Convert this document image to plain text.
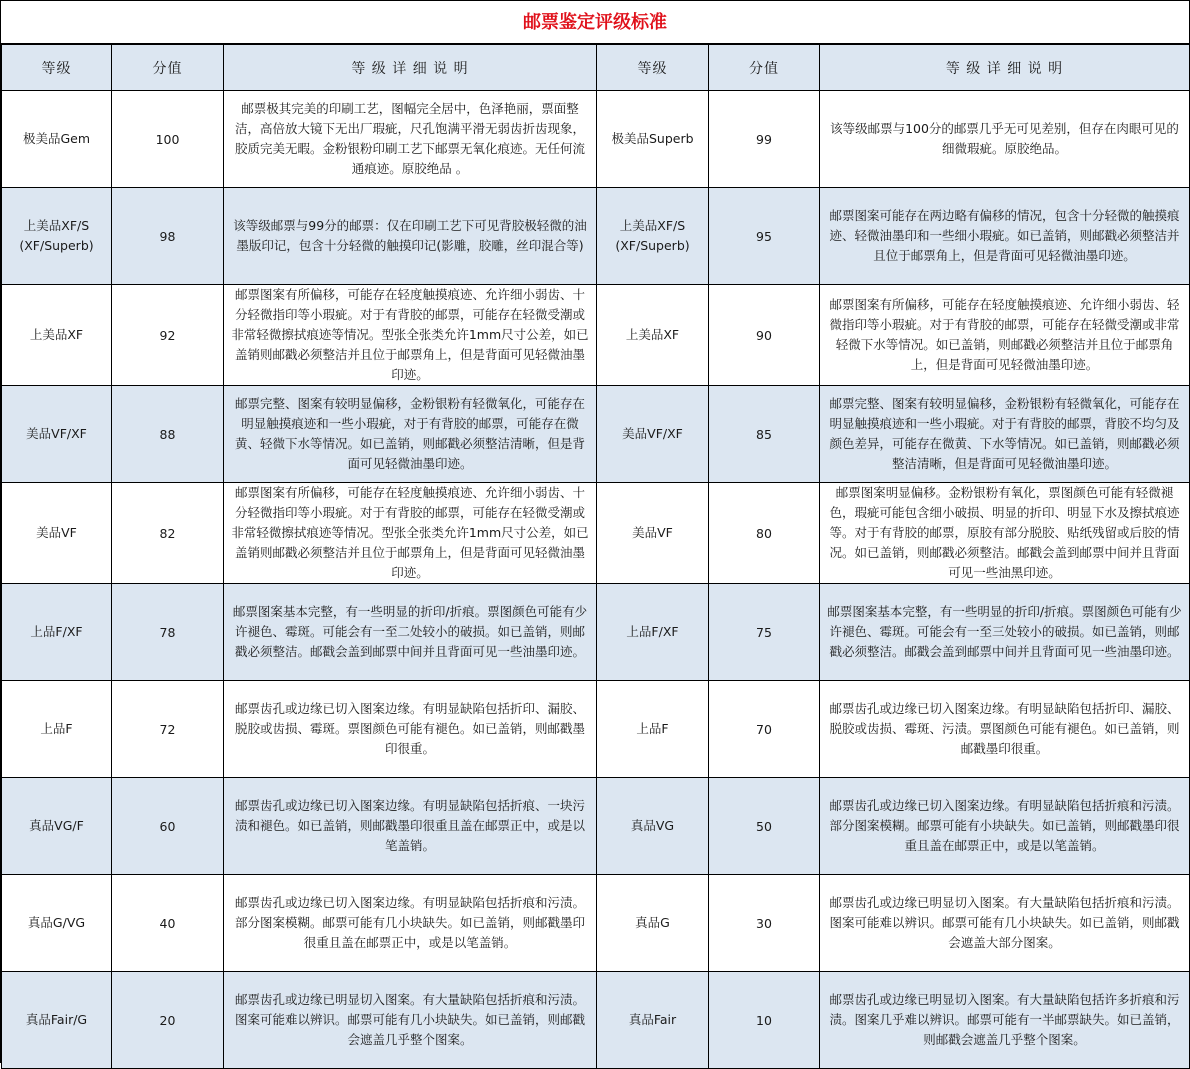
邮票鉴定评级标准
等级	分值	等 级 详 细 说 明	等级	分值	等 级 详 细 说 明
极美品Gem	100	邮票极其完美的印刷工艺，图幅完全居中，色泽艳丽，票面整洁，高倍放大镜下无出厂瑕疵，尺孔饱满平滑无弱齿折齿现象，胶质完美无暇。金粉银粉印刷工艺下邮票无氧化痕迹。无任何流通痕迹。原胶绝品 。	极美品Superb	99	该等级邮票与100分的邮票几乎无可见差别，但存在肉眼可见的细微瑕疵。原胶绝品。
上美品XF/S (XF/Superb)	98	该等级邮票与99分的邮票：仅在印刷工艺下可见背胶极轻微的油墨版印记，包含十分轻微的触摸印记(影雕，胶雕，丝印混合等)	上美品XF/S (XF/Superb)	95	邮票图案可能存在两边略有偏移的情况，包含十分轻微的触摸痕迹、轻微油墨印和一些细小瑕疵。如已盖销，则邮戳必须整洁并且位于邮票角上，但是背面可见轻微油墨印迹。
上美品XF	92	邮票图案有所偏移，可能存在轻度触摸痕迹、允许细小弱齿、十分轻微指印等小瑕疵。对于有背胶的邮票，可能存在轻微受潮或非常轻微擦拭痕迹等情况。型张全张类允许1mm尺寸公差，如已盖销则邮戳必须整洁并且位于邮票角上，但是背面可见轻微油墨印迹。	上美品XF	90	邮票图案有所偏移，可能存在轻度触摸痕迹、允许细小弱齿、轻微指印等小瑕疵。对于有背胶的邮票，可能存在轻微受潮或非常轻微下水等情况。如已盖销，则邮戳必须整洁并且位于邮票角上，但是背面可见轻微油墨印迹。
美品VF/XF	88	邮票完整、图案有较明显偏移，金粉银粉有轻微氧化，可能存在明显触摸痕迹和一些小瑕疵，对于有背胶的邮票，可能存在微黄、轻微下水等情况。如已盖销，则邮戳必须整洁清晰，但是背面可见轻微油墨印迹。	美品VF/XF	85	邮票完整、图案有较明显偏移，金粉银粉有轻微氧化，可能存在明显触摸痕迹和一些小瑕疵。对于有背胶的邮票，背胶不均匀及颜色差异，可能存在微黄、下水等情况。如已盖销，则邮戳必须整洁清晰，但是背面可见轻微油墨印迹。
美品VF	82	邮票图案有所偏移，可能存在轻度触摸痕迹、允许细小弱齿、十分轻微指印等小瑕疵。对于有背胶的邮票，可能存在轻微受潮或非常轻微擦拭痕迹等情况。型张全张类允许1mm尺寸公差，如已盖销则邮戳必须整洁并且位于邮票角上，但是背面可见轻微油墨印迹。	美品VF	80	邮票图案明显偏移。金粉银粉有氧化，票图颜色可能有轻微褪色，瑕疵可能包含细小破损、明显的折印、明显下水及擦拭痕迹等。对于有背胶的邮票，原胶有部分脱胶、贴纸残留或后胶的情况。如已盖销，则邮戳必须整洁。邮戳会盖到邮票中间并且背面可见一些油黑印迹。
上品F/XF	78	邮票图案基本完整，有一些明显的折印/折痕。票图颜色可能有少许褪色、霉斑。可能会有一至二处较小的破损。如已盖销，则邮戳必须整洁。邮戳会盖到邮票中间并且背面可见一些油墨印迹。	上品F/XF	75	邮票图案基本完整，有一些明显的折印/折痕。票图颜色可能有少许褪色、霉斑。可能会有一至三处较小的破损。如已盖销，则邮戳必须整洁。邮戳会盖到邮票中间并且背面可见一些油墨印迹。
上品F	72	邮票齿孔或边缘已切入图案边缘。有明显缺陷包括折印、漏胶、脱胶或齿损、霉斑。票图颜色可能有褪色。如已盖销，则邮戳墨印很重。	上品F	70	邮票齿孔或边缘已切入图案边缘。有明显缺陷包括折印、漏胶、脱胶或齿损、霉斑、污渍。票图颜色可能有褪色。如已盖销，则邮戳墨印很重。
真品VG/F	60	邮票齿孔或边缘已切入图案边缘。有明显缺陷包括折痕、一块污渍和褪色。如已盖销，则邮戳墨印很重且盖在邮票正中，或是以笔盖销。	真品VG	50	邮票齿孔或边缘已切入图案边缘。有明显缺陷包括折痕和污渍。部分图案模糊。邮票可能有小块缺失。如已盖销，则邮戳墨印很重且盖在邮票正中，或是以笔盖销。
真品G/VG	40	邮票齿孔或边缘已切入图案边缘。有明显缺陷包括折痕和污渍。部分图案模糊。邮票可能有几小块缺失。如已盖销，则邮戳墨印很重且盖在邮票正中，或是以笔盖销。	真品G	30	邮票齿孔或边缘已明显切入图案。有大量缺陷包括折痕和污渍。图案可能难以辨识。邮票可能有几小块缺失。如已盖销，则邮戳会遮盖大部分图案。
真品Fair/G	20	邮票齿孔或边缘已明显切入图案。有大量缺陷包括折痕和污渍。图案可能难以辨识。邮票可能有几小块缺失。如已盖销，则邮戳会遮盖几乎整个图案。	真品Fair	10	邮票齿孔或边缘已明显切入图案。有大量缺陷包括许多折痕和污渍。图案几乎难以辨识。邮票可能有一半邮票缺失。如已盖销，则邮戳会遮盖几乎整个图案。
